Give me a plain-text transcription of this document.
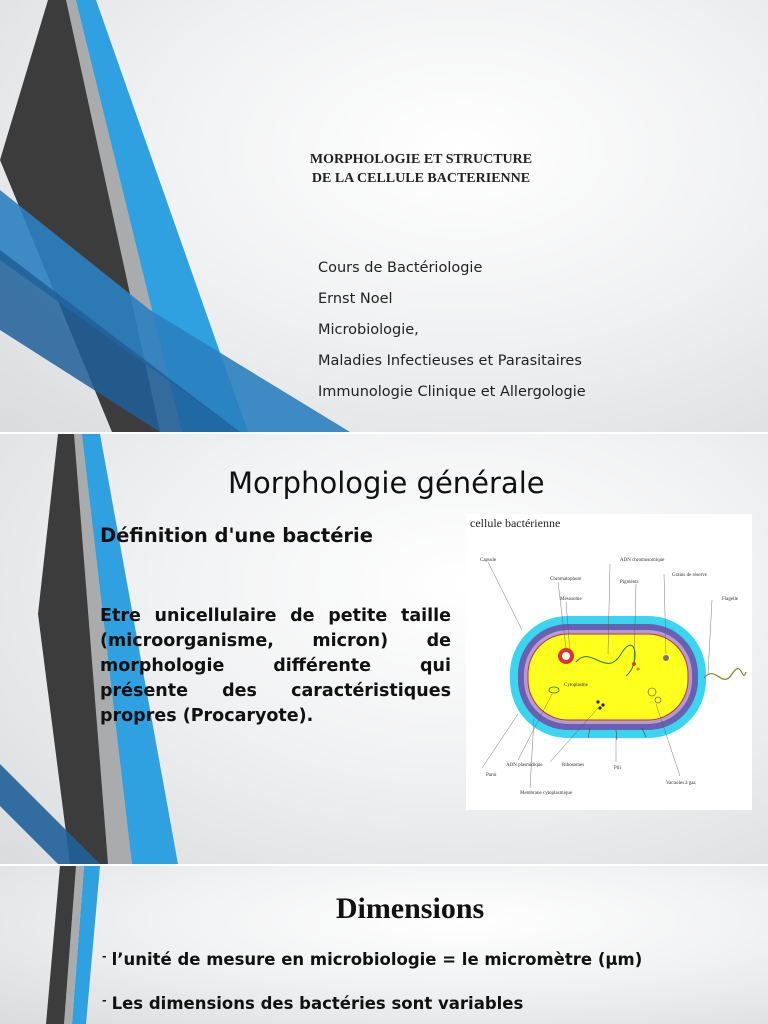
MORPHOLOGIE ET STRUCTURE
DE LA CELLULE BACTERIENNE
Cours de Bactériologie
Ernst Noel
Microbiologie,
Maladies Infectieuses et Parasitaires
Immunologie Clinique et Allergologie
Morphologie générale
Définition d'une bactérie
Etre unicellulaire de petite taille (microorganisme, micron) de morphologie différente qui présente des caractéristiques propres (Procaryote).
cellule bactérienne
Capsule
Chromatophore
Mésosome
ADN chromosomique
Pigments
Grains de réserve
Flagelle
Cytoplasme
Paroi
ADN plasmidique	Ribosomes
Pili
Vacuoles à gaz
Membrane cytoplasmique
Dimensions
- l’unité de mesure en microbiologie = le micromètre (µm)
- Les dimensions des bactéries sont variables
